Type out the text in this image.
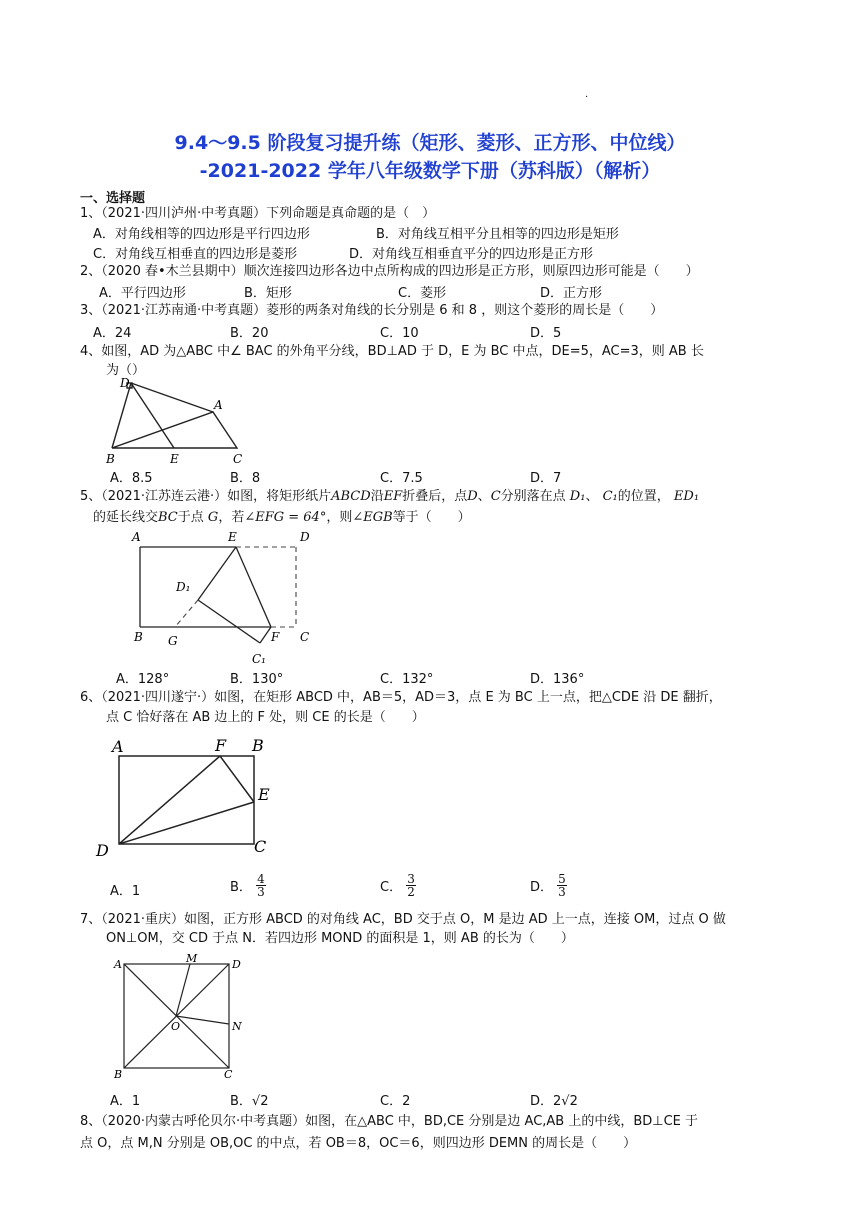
·
9.4～9.5 阶段复习提升练（矩形、菱形、正方形、中位线）
-2021-2022 学年八年级数学下册（苏科版）（解析）
一、选择题
1、（2021·四川泸州·中考真题）下列命题是真命题的是（　）
A．对角线相等的四边形是平行四边形	B．对角线互相平分且相等的四边形是矩形
C．对角线互相垂直的四边形是菱形	D．对角线互相垂直平分的四边形是正方形
2、（2020 春•木兰县期中）顺次连接四边形各边中点所构成的四边形是正方形，则原四边形可能是（　　）
A．平行四边形	B．矩形	C．菱形	D．正方形
3、（2021·江苏南通·中考真题）菱形的两条对角线的长分别是 6 和 8 ，则这个菱形的周长是（　　）
A．24	B．20	C．10	D．5
4、如图，AD 为△ABC 中∠ BAC 的外角平分线，BD⊥AD 于 D，E 为 BC 中点，DE=5，AC=3，则 AB 长
为（）
D
A
B	E	C
A．8.5	B．8	C．7.5	D．7
5、（2021·江苏连云港·）如图，将矩形纸片ABCD沿EF折叠后，点D、C分别落在点 D₁、 C₁的位置， ED₁
的延长线交BC于点 G，若∠EFG = 64°，则∠EGB等于（　　）
A	E	D
D₁
B G	F C
C₁
A．128°	B．130°	C．132°	D．136°
6、（2021·四川遂宁·）如图，在矩形 ABCD 中，AB＝5，AD＝3，点 E 为 BC 上一点，把△CDE 沿 DE 翻折，
点 C 恰好落在 AB 边上的 F 处，则 CE 的长是（　　）
A	F B
E
D	C
A．1	B． $\frac{4}{3}$	C． $\frac{3}{2}$	D． $\frac{5}{3}$
7、（2021·重庆）如图，正方形 ABCD 的对角线 AC，BD 交于点 O，M 是边 AD 上一点，连接 OM，过点 O 做
ON⊥OM，交 CD 于点 N．若四边形 MOND 的面积是 1，则 AB 的长为（　　）
A	M	D
O	N
B	C
A．1	B．√2	C．2	D．2√2
8、（2020·内蒙古呼伦贝尔·中考真题）如图，在△ABC 中，BD,CE 分别是边 AC,AB 上的中线，BD⊥CE 于
点 O，点 M,N 分别是 OB,OC 的中点，若 OB＝8，OC＝6，则四边形 DEMN 的周长是（　　）
